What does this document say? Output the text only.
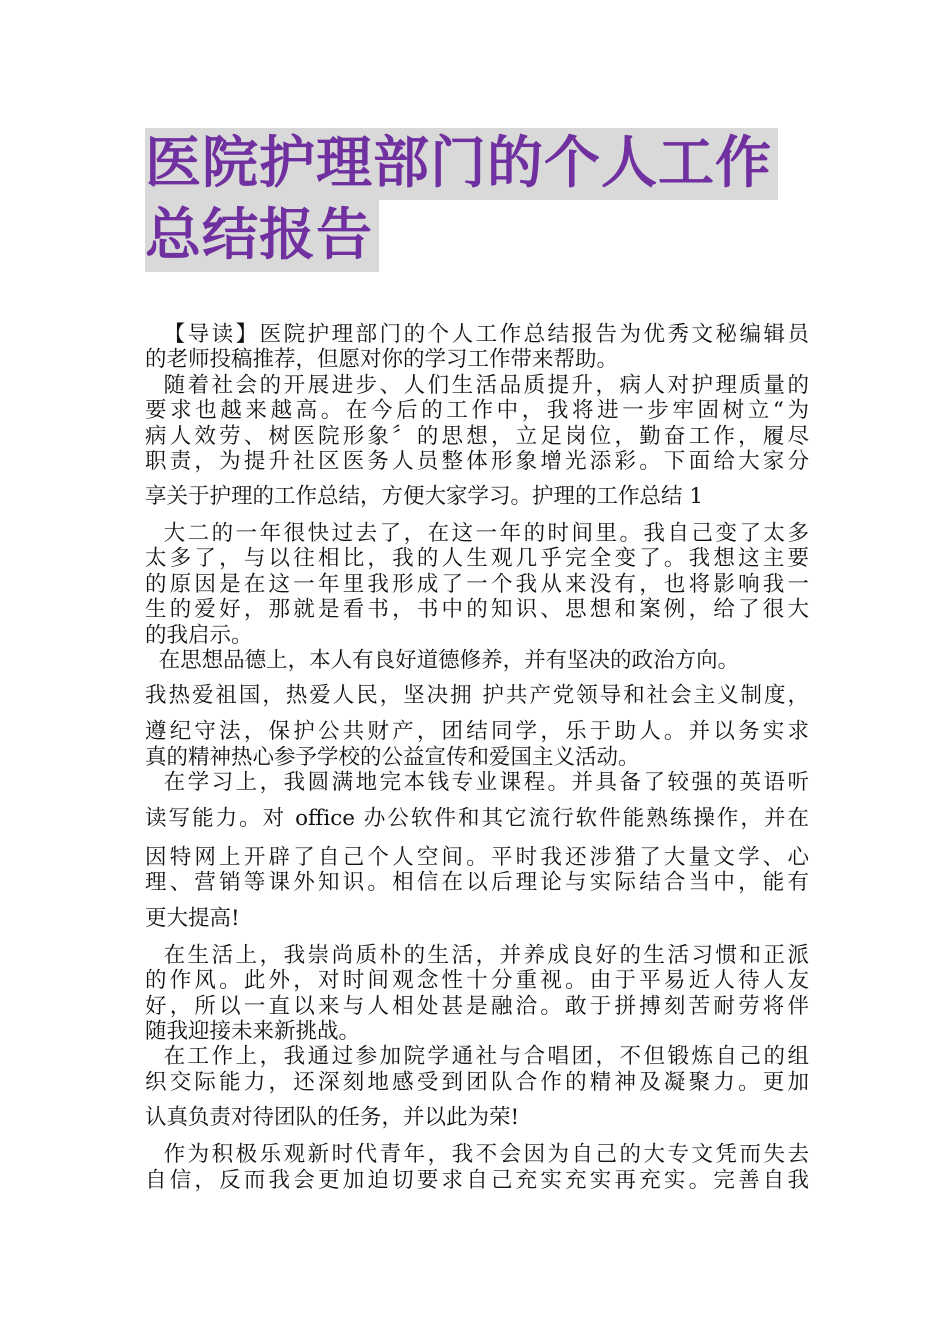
医院护理部门的个人工作
总结报告
【导读】医院护理部门的个人工作总结报告为优秀文秘编辑员
的老师投稿推荐，但愿对你的学习工作带来帮助。
随着社会的开展进步、人们生活品质提升，病人对护理质量的
要求也越来越高。在今后的工作中，我将进一步牢固树立“为
病人效劳、树医院形象〞的思想，立足岗位，勤奋工作，履尽
职责，为提升社区医务人员整体形象增光添彩。下面给大家分
享关于护理的工作总结，方便大家学习。护理的工作总结 1
大二的一年很快过去了，在这一年的时间里。我自己变了太多
太多了，与以往相比，我的人生观几乎完全变了。我想这主要
的原因是在这一年里我形成了一个我从来没有，也将影响我一
生的爱好，那就是看书，书中的知识、思想和案例，给了很大
的我启示。
在思想品德上，本人有良好道德修养，并有坚决的政治方向。
我热爱祖国，热爱人民，坚决拥 护共产党领导和社会主义制度，
遵纪守法，保护公共财产，团结同学，乐于助人。并以务实求
真的精神热心参予学校的公益宣传和爱国主义活动。
在学习上，我圆满地完本钱专业课程。并具备了较强的英语听
读写能力。对 office 办公软件和其它流行软件能熟练操作，并在
因特网上开辟了自己个人空间。平时我还涉猎了大量文学、心
理、营销等课外知识。相信在以后理论与实际结合当中，能有
更大提高!
在生活上，我崇尚质朴的生活，并养成良好的生活习惯和正派
的作风。此外，对时间观念性十分重视。由于平易近人待人友
好，所以一直以来与人相处甚是融洽。敢于拼搏刻苦耐劳将伴
随我迎接未来新挑战。
在工作上，我通过参加院学通社与合唱团，不但锻炼自己的组
织交际能力，还深刻地感受到团队合作的精神及凝聚力。更加
认真负责对待团队的任务，并以此为荣!
作为积极乐观新时代青年，我不会因为自己的大专文凭而失去
自信，反而我会更加迫切要求自己充实充实再充实。完善自我
